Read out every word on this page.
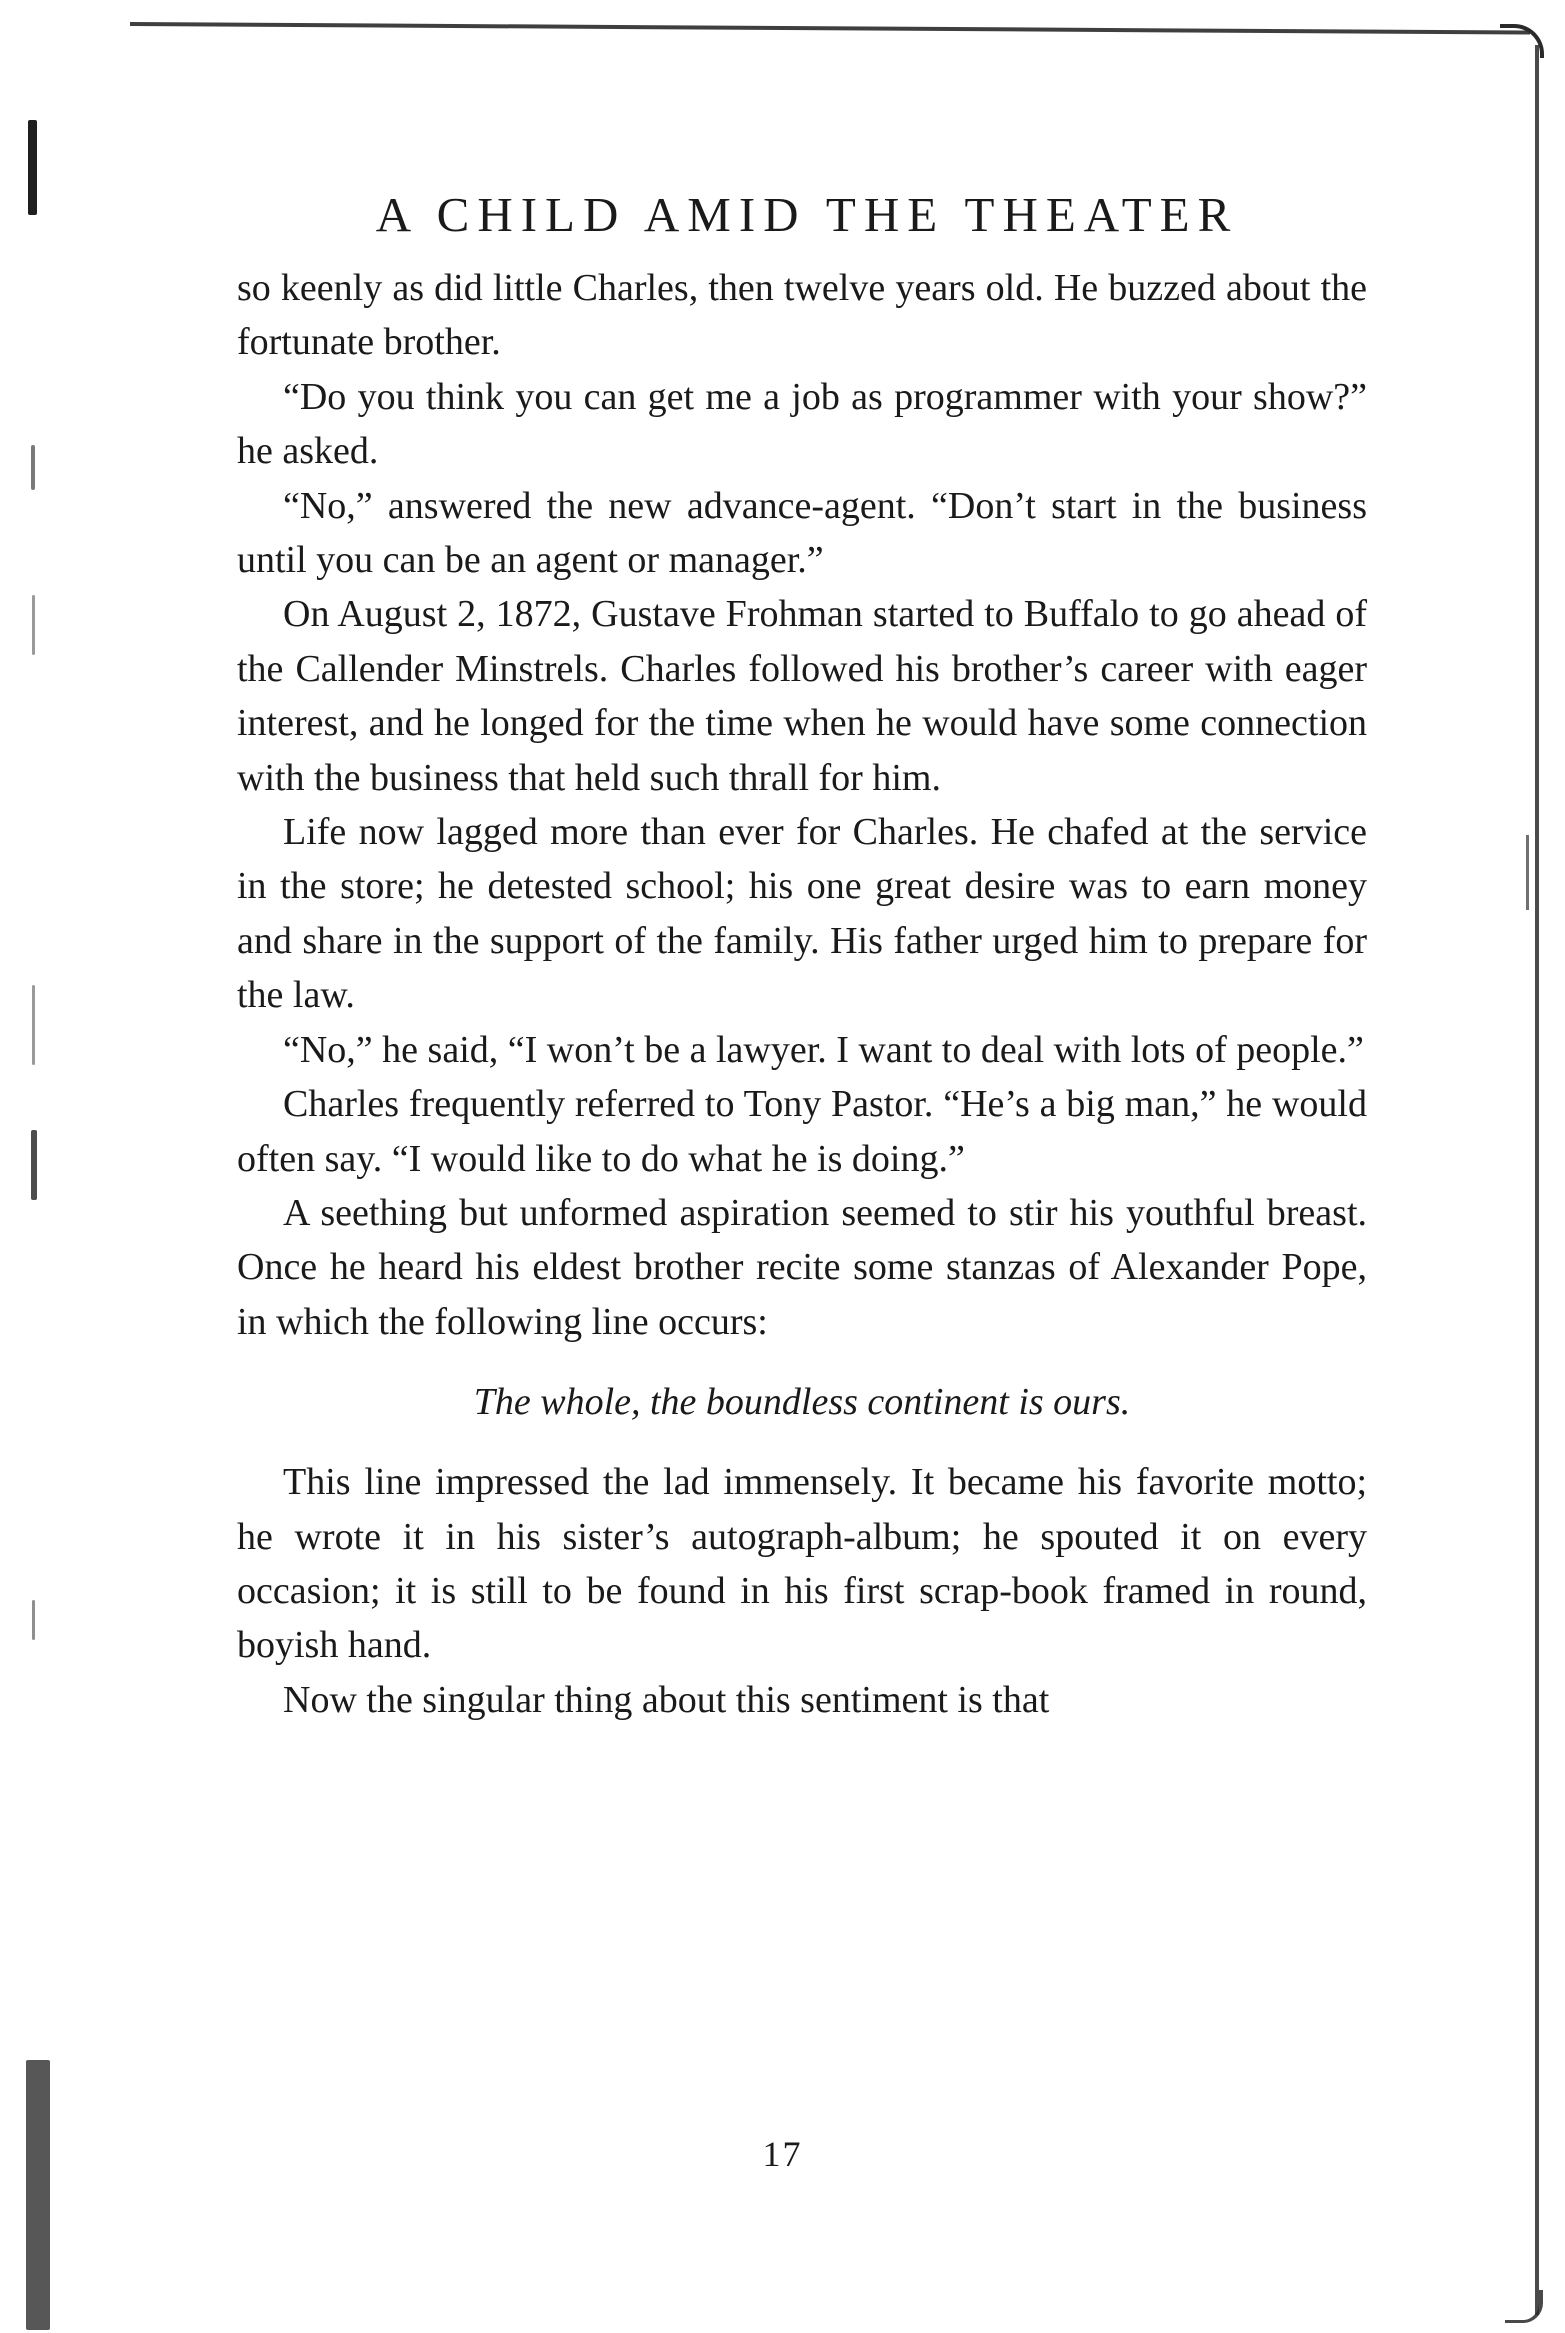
A CHILD AMID THE THEATER

so keenly as did little Charles, then twelve years old. He buzzed about the fortunate brother.

“Do you think you can get me a job as programmer with your show?” he asked.

“No,” answered the new advance-agent. “Don’t start in the business until you can be an agent or manager.”

On August 2, 1872, Gustave Frohman started to Buffalo to go ahead of the Callender Minstrels. Charles followed his brother’s career with eager interest, and he longed for the time when he would have some connection with the business that held such thrall for him.

Life now lagged more than ever for Charles. He chafed at the service in the store; he detested school; his one great desire was to earn money and share in the support of the family. His father urged him to prepare for the law.

“No,” he said, “I won’t be a lawyer. I want to deal with lots of people.”

Charles frequently referred to Tony Pastor. “He’s a big man,” he would often say. “I would like to do what he is doing.”

A seething but unformed aspiration seemed to stir his youthful breast. Once he heard his eldest brother recite some stanzas of Alexander Pope, in which the following line occurs:

The whole, the boundless continent is ours.

This line impressed the lad immensely. It became his favorite motto; he wrote it in his sister’s autograph-album; he spouted it on every occasion; it is still to be found in his first scrap-book framed in round, boyish hand.

Now the singular thing about this sentiment is that

17
